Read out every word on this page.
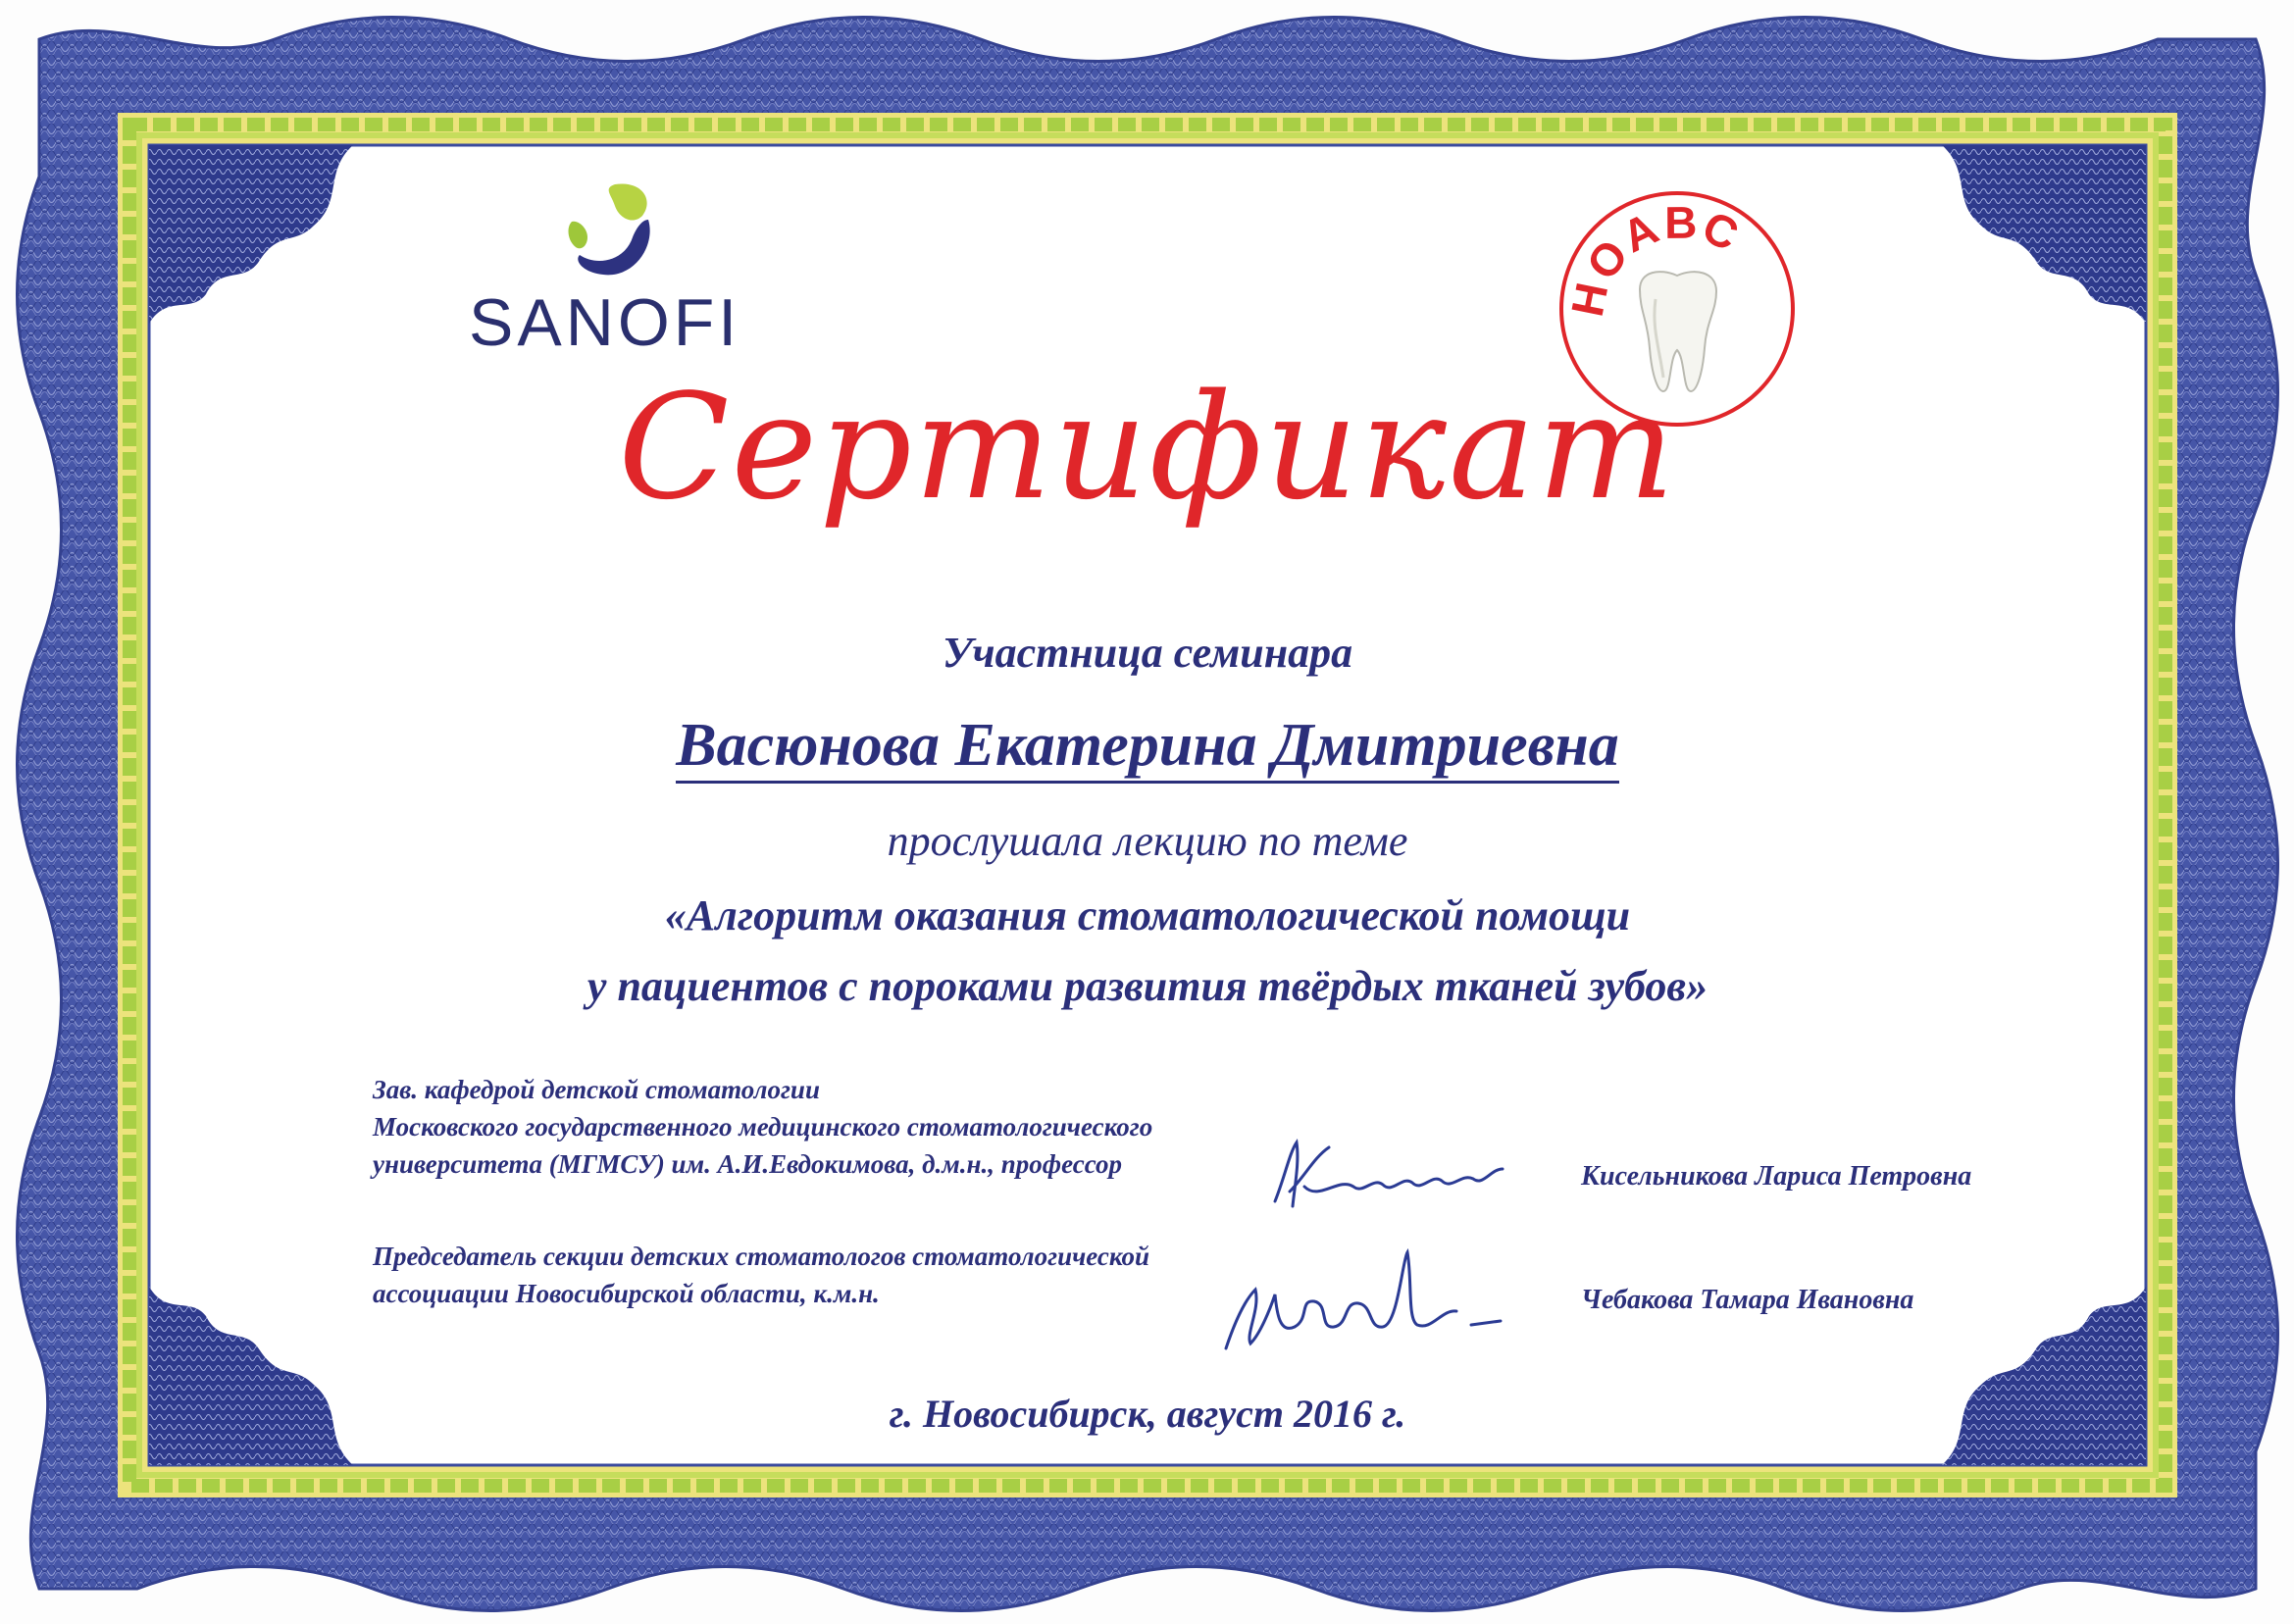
SANOFI	НОАВС
Сертификат
Участница семинара
Васюнова Екатерина Дмитриевна
прослушала лекцию по теме
«Алгоритм оказания стоматологической помощи
у пациентов с пороками развития твёрдых тканей зубов»
Зав. кафедрой детской стоматологии
Московского государственного медицинского стоматологического
университета (МГМСУ) им. А.И.Евдокимова, д.м.н., профессор	Кисельникова Лариса Петровна
Председатель секции детских стоматологов стоматологической
ассоциации Новосибирской области, к.м.н.	Чебакова Тамара Ивановна
г. Новосибирск, август 2016 г.
